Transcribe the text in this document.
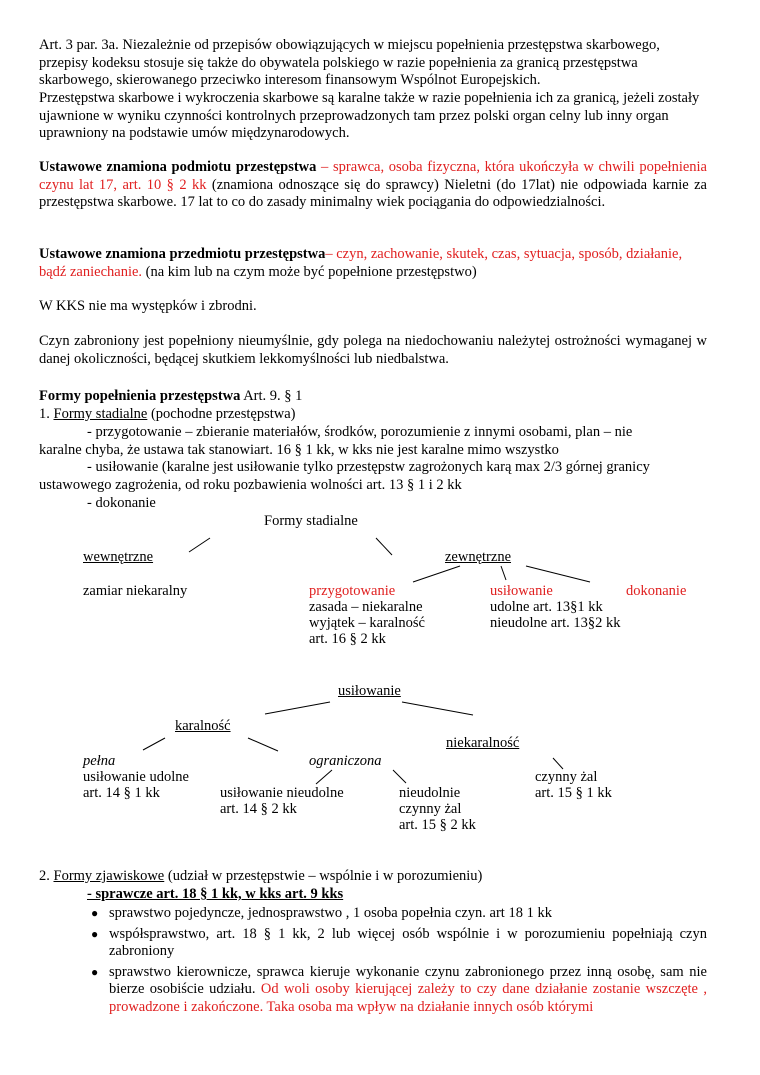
Art. 3 par. 3a. Niezależnie od przepisów obowiązujących w miejscu popełnienia przestępstwa skarbowego, przepisy kodeksu stosuje się także do obywatela polskiego w razie popełnienia za granicą przestępstwa skarbowego, skierowanego przeciwko interesom finansowym Wspólnot Europejskich.
Przestępstwa skarbowe i wykroczenia skarbowe są karalne także w razie popełnienia ich za granicą, jeżeli zostały ujawnione w wyniku czynności kontrolnych przeprowadzonych tam przez polski organ celny lub inny organ uprawniony na podstawie umów międzynarodowych.
Ustawowe znamiona podmiotu przestępstwa – sprawca, osoba fizyczna, która ukończyła w chwili popełnienia czynu lat 17, art. 10 § 2 kk (znamiona odnoszące się do sprawcy) Nieletni (do 17lat) nie odpowiada karnie za przestępstwa skarbowe. 17 lat to co do zasady minimalny wiek pociągania do odpowiedzialności.
Ustawowe znamiona przedmiotu przestępstwa– czyn, zachowanie, skutek, czas, sytuacja, sposób, działanie, bądź zaniechanie. (na kim lub na czym może być popełnione przestępstwo)
W KKS nie ma występków i zbrodni.
Czyn zabroniony jest popełniony nieumyślnie, gdy polega na niedochowaniu należytej ostrożności wymaganej w danej okoliczności, będącej skutkiem lekkomyślności lub niedbalstwa.
Formy popełnienia przestępstwa Art. 9. § 1
1. Formy stadialne (pochodne przestępstwa)
- przygotowanie – zbieranie materiałów, środków, porozumienie z innymi osobami, plan – nie
karalne chyba, że ustawa tak stanowiart. 16 § 1 kk, w kks nie jest karalne mimo wszystko
- usiłowanie (karalne jest usiłowanie tylko przestępstw zagrożonych karą max 2/3 górnej granicy
ustawowego zagrożenia, od roku pozbawienia wolności art. 13 § 1 i 2 kk
- dokonanie
Formy stadialne
wewnętrzne	zewnętrzne
zamiar niekaralny	przygotowanie
zasada – niekaralne
wyjątek – karalność
art. 16 § 2 kk
usiłowanie
udolne art. 13§1 kk
nieudolne art. 13§2 kk
dokonanie
usiłowanie
karalność
niekaralność
pełna
usiłowanie udolne
art. 14 § 1 kk
ograniczona
usiłowanie nieudolne
art. 14 § 2 kk
nieudolnie
czynny żal
art. 15 § 2 kk
czynny żal
art. 15 § 1 kk
2. Formy zjawiskowe (udział w przestępstwie – wspólnie i w porozumieniu)
- sprawcze art. 18 § 1 kk, w kks art. 9 kks
● sprawstwo pojedyncze, jednosprawstwo , 1 osoba popełnia czyn. art 18 1 kk
● współsprawstwo, art. 18 § 1 kk, 2 lub więcej osób wspólnie i w porozumieniu popełniają czyn zabroniony
● sprawstwo kierownicze, sprawca kieruje wykonanie czynu zabronionego przez inną osobę, sam nie bierze osobiście udziału. Od woli osoby kierującej zależy to czy dane działanie zostanie wszczęte , prowadzone i zakończone. Taka osoba ma wpływ na działanie innych osób którymi
